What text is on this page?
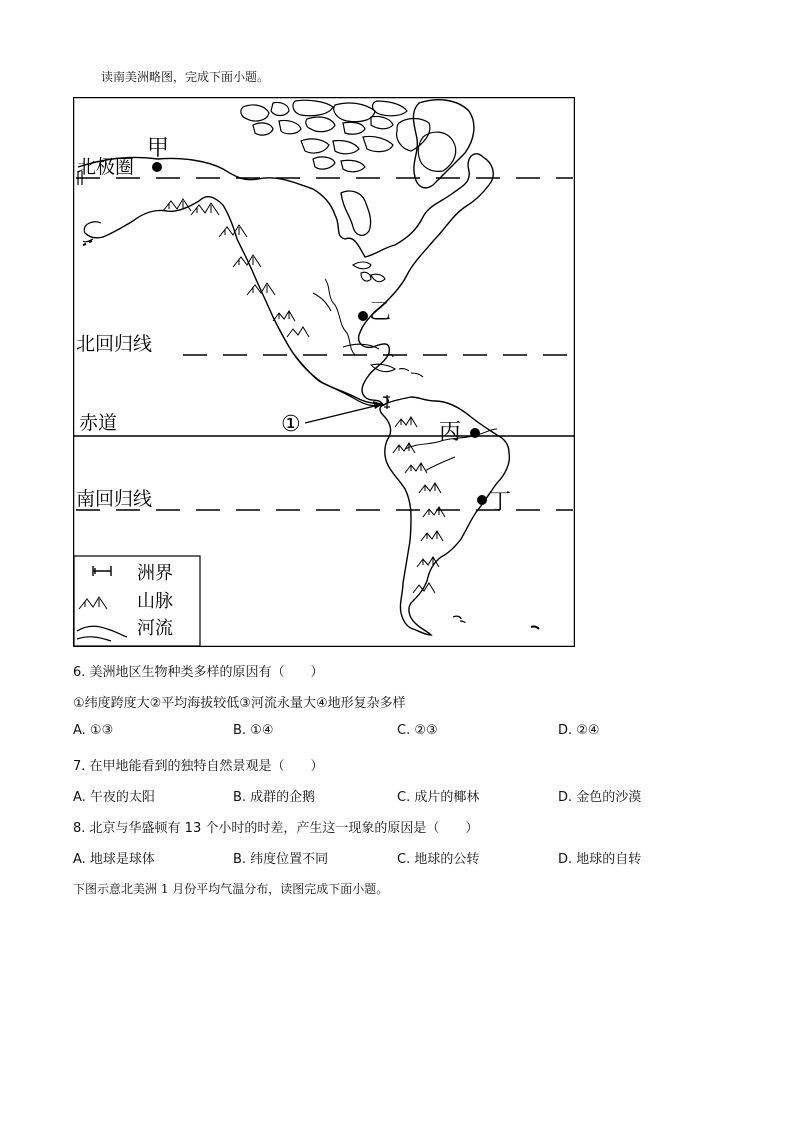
读南美洲略图，完成下面小题。
北极圈
北回归线
赤道
南回归线
甲
乙
丙
丁
①
洲界
山脉
河流
6. 美洲地区生物种类多样的原因有（　　）
①纬度跨度大②平均海拔较低③河流永量大④地形复杂多样
A. ①③	B. ①④	C. ②③	D. ②④
7. 在甲地能看到的独特自然景观是（　　）
A. 午夜的太阳	B. 成群的企鹅	C. 成片的椰林	D. 金色的沙漠
8. 北京与华盛顿有 13 个小时的时差，产生这一现象的原因是（　　）
A. 地球是球体	B. 纬度位置不同	C. 地球的公转	D. 地球的自转
下图示意北美洲 1 月份平均气温分布，读图完成下面小题。
